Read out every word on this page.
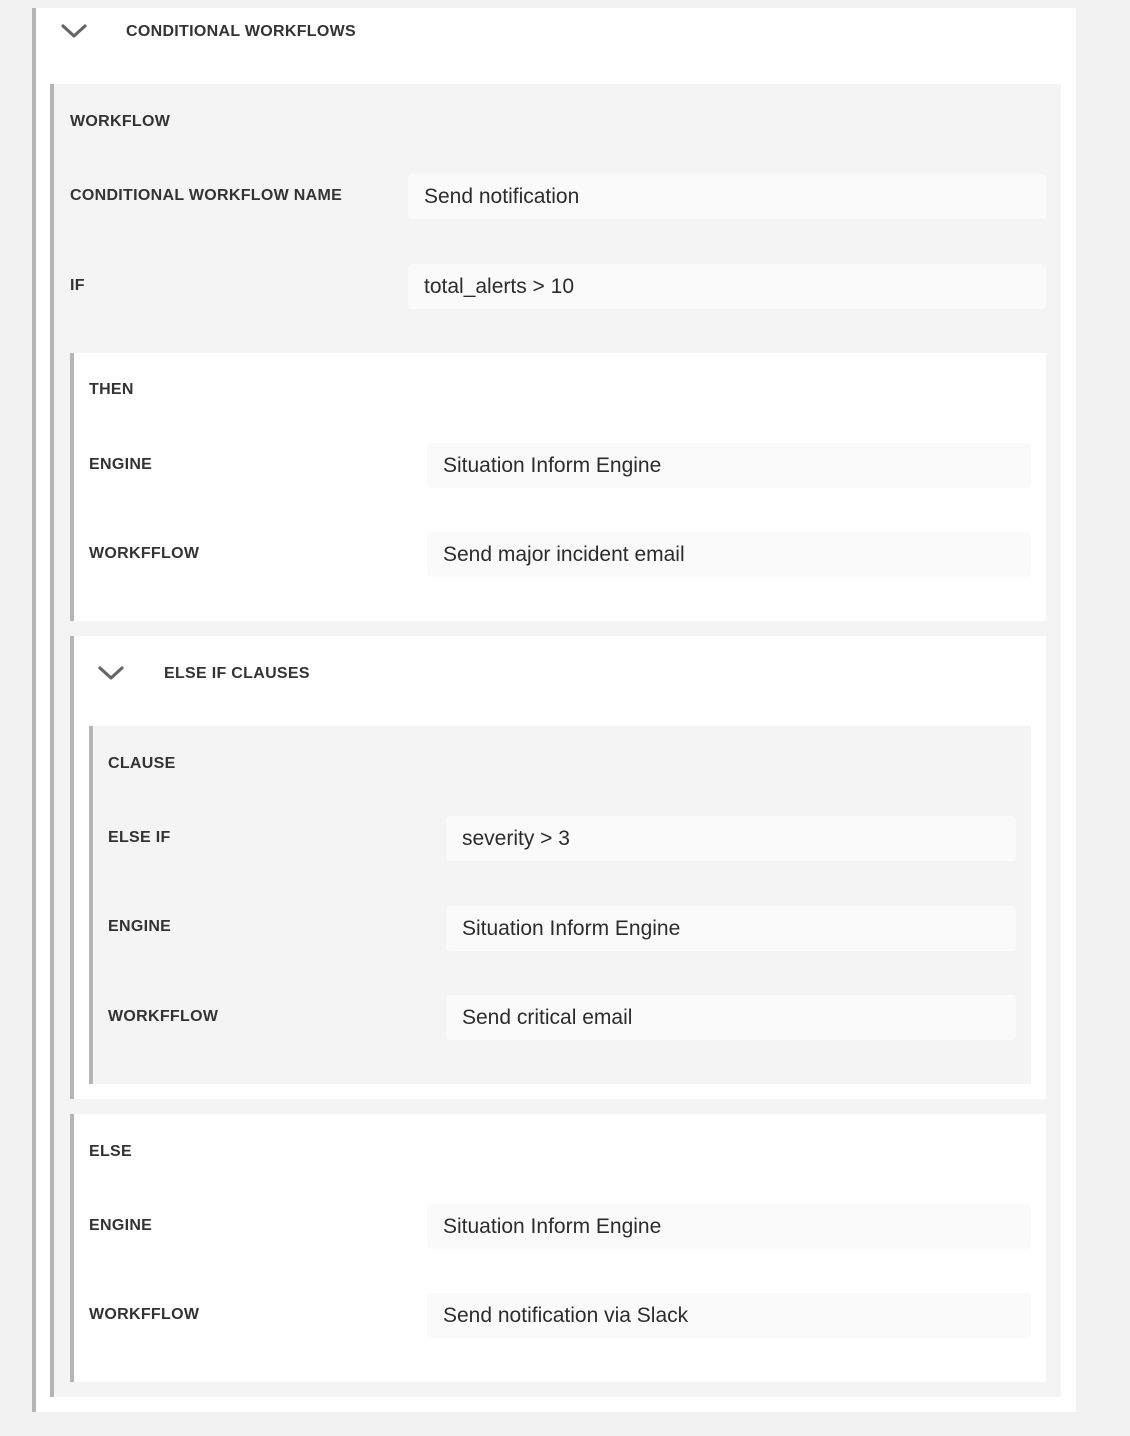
CONDITIONAL WORKFLOWS
WORKFLOW
CONDITIONAL WORKFLOW NAME	Send notification
IF	total_alerts > 10
THEN
ENGINE	Situation Inform Engine
WORKFFLOW	Send major incident email
ELSE IF CLAUSES
CLAUSE
ELSE IF	severity > 3
ENGINE	Situation Inform Engine
WORKFFLOW	Send critical email
ELSE
ENGINE	Situation Inform Engine
WORKFFLOW	Send notification via Slack
